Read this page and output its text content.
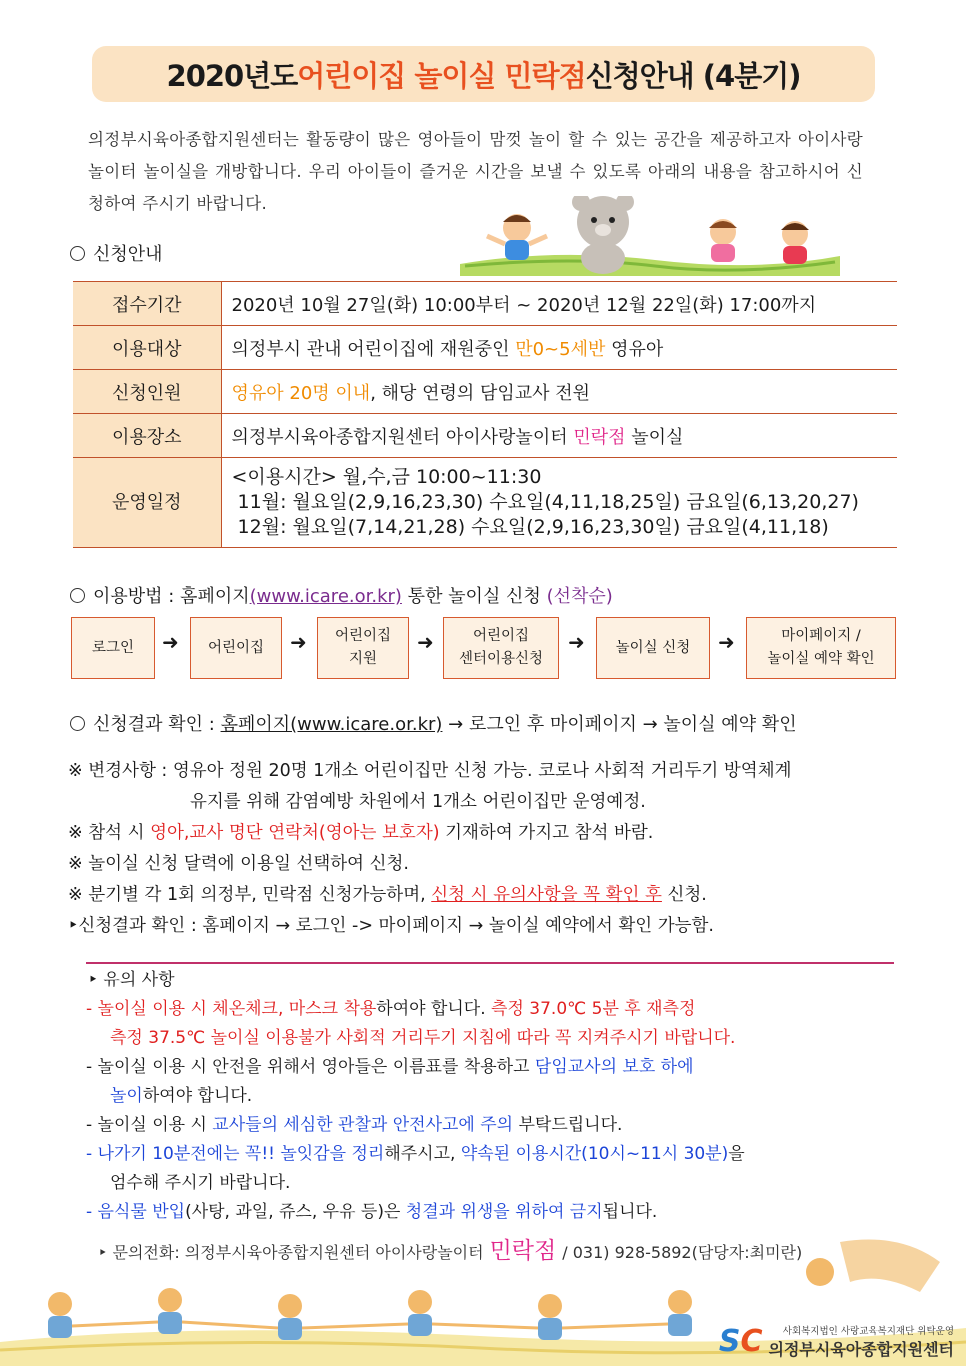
2020년도 어린이집 놀이실 민락점 신청안내 (4분기)
의정부시육아종합지원센터는 활동량이 많은 영아들이 맘껏 놀이 할 수 있는 공간을 제공하고자 아이사랑놀이터 놀이실을 개방합니다. 우리 아이들이 즐거운 시간을 보낼 수 있도록 아래의 내용을 참고하시어 신청하여 주시기 바랍니다.
신청안내
접수기간	2020년 10월 27일(화) 10:00부터 ~ 2020년 12월 22일(화) 17:00까지
이용대상	의정부시 관내 어린이집에 재원중인 만0~5세반 영유아
신청인원	영유아 20명 이내, 해당 연령의 담임교사 전원
이용장소	의정부시육아종합지원센터 아이사랑놀이터 민락점 놀이실
운영일정	<이용시간> 월,수,금 10:00~11:30
11월: 월요일(2,9,16,23,30) 수요일(4,11,18,25일) 금요일(6,13,20,27)
12월: 월요일(7,14,21,28) 수요일(2,9,16,23,30일) 금요일(4,11,18)
이용방법 : 홈페이지(www.icare.or.kr) 통한 놀이실 신청 (선착순)
로그인 ➜ 어린이집 ➜ 어린이집
지원
➜	어린이집
센터이용신청
➜ 놀이실 신청 ➜	마이페이지 /
놀이실 예약 확인
신청결과 확인 : 홈페이지(www.icare.or.kr) → 로그인 후 마이페이지 → 놀이실 예약 확인
※ 변경사항 : 영유아 정원 20명 1개소 어린이집만 신청 가능. 코로나 사회적 거리두기 방역체계
유지를 위해 감염예방 차원에서 1개소 어린이집만 운영예정.
※ 참석 시 영아,교사 명단 연락처(영아는 보호자) 기재하여 가지고 참석 바람.
※ 놀이실 신청 달력에 이용일 선택하여 신청.
※ 분기별 각 1회 의정부, 민락점 신청가능하며, 신청 시 유의사항을 꼭 확인 후 신청.
‣신청결과 확인 : 홈페이지 → 로그인 -> 마이페이지 → 놀이실 예약에서 확인 가능함.
‣ 유의 사항
- 놀이실 이용 시 체온체크, 마스크 착용하여야 합니다. 측정 37.0℃ 5분 후 재측정
측정 37.5℃ 놀이실 이용불가 사회적 거리두기 지침에 따라 꼭 지켜주시기 바랍니다.
- 놀이실 이용 시 안전을 위해서 영아들은 이름표를 착용하고 담임교사의 보호 하에
놀이하여야 합니다.
- 놀이실 이용 시 교사들의 세심한 관찰과 안전사고에 주의 부탁드립니다.
- 나가기 10분전에는 꼭!! 놀잇감을 정리해주시고, 약속된 이용시간(10시~11시 30분)을
엄수해 주시기 바랍니다.
- 음식물 반입(사탕, 과일, 쥬스, 우유 등)은 청결과 위생을 위하여 금지됩니다.
‣ 문의전화: 의정부시육아종합지원센터 아이사랑놀이터 민락점 / 031) 928-5892(담당자:최미란)
SC	사회복지법인 사랑교육복지재단 위탁운영
의정부시육아종합지원센터
